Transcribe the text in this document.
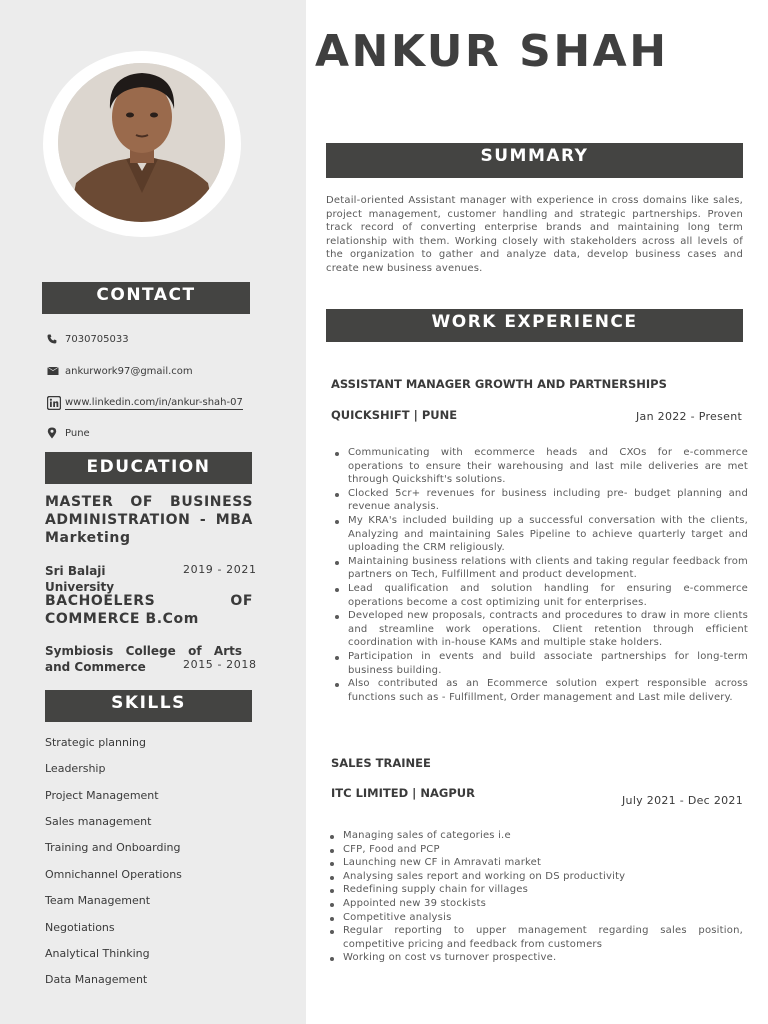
CONTACT
7030705033
ankurwork97@gmail.com
www.linkedin.com/in/ankur-shah-07
Pune
EDUCATION
MASTER OF BUSINESS ADMINISTRATION - MBA Marketing
Sri Balaji University
2019 - 2021
BACHOELERS OF COMMERCE B.Com
Symbiosis College of Arts and Commerce	2015 - 2018
SKILLS
Strategic planning
Leadership
Project Management
Sales management
Training and Onboarding
Omnichannel Operations
Team Management
Negotiations
Analytical Thinking
Data Management
ANKUR SHAH
SUMMARY
Detail-oriented Assistant manager with experience in cross domains like sales, project management, customer handling and strategic partnerships. Proven track record of converting enterprise brands and maintaining long term relationship with them. Working closely with stakeholders across all levels of the organization to gather and analyze data, develop business cases and create new business avenues.
WORK EXPERIENCE
ASSISTANT MANAGER GROWTH AND PARTNERSHIPS
QUICKSHIFT | PUNE	Jan 2022 - Present
Communicating with ecommerce heads and CXOs for e-commerce operations to ensure their warehousing and last mile deliveries are met through Quickshift's solutions.
Clocked 5cr+ revenues for business including pre- budget planning and revenue analysis.
My KRA's included building up a successful conversation with the clients, Analyzing and maintaining Sales Pipeline to achieve quarterly target and uploading the CRM religiously.
Maintaining business relations with clients and taking regular feedback from partners on Tech, Fulfillment and product development.
Lead qualification and solution handling for ensuring e-commerce operations become a cost optimizing unit for enterprises.
Developed new proposals, contracts and procedures to draw in more clients and streamline work operations. Client retention through efficient coordination with in-house KAMs and multiple stake holders.
Participation in events and build associate partnerships for long-term business building.
Also contributed as an Ecommerce solution expert responsible across functions such as - Fulfillment, Order management and Last mile delivery.
SALES TRAINEE
ITC LIMITED | NAGPUR
July 2021 - Dec 2021
Managing sales of categories i.e
CFP, Food and PCP
Launching new CF in Amravati market
Analysing sales report and working on DS productivity
Redefining supply chain for villages
Appointed new 39 stockists
Competitive analysis
Regular reporting to upper management regarding sales position, competitive pricing and feedback from customers
Working on cost vs turnover prospective.
